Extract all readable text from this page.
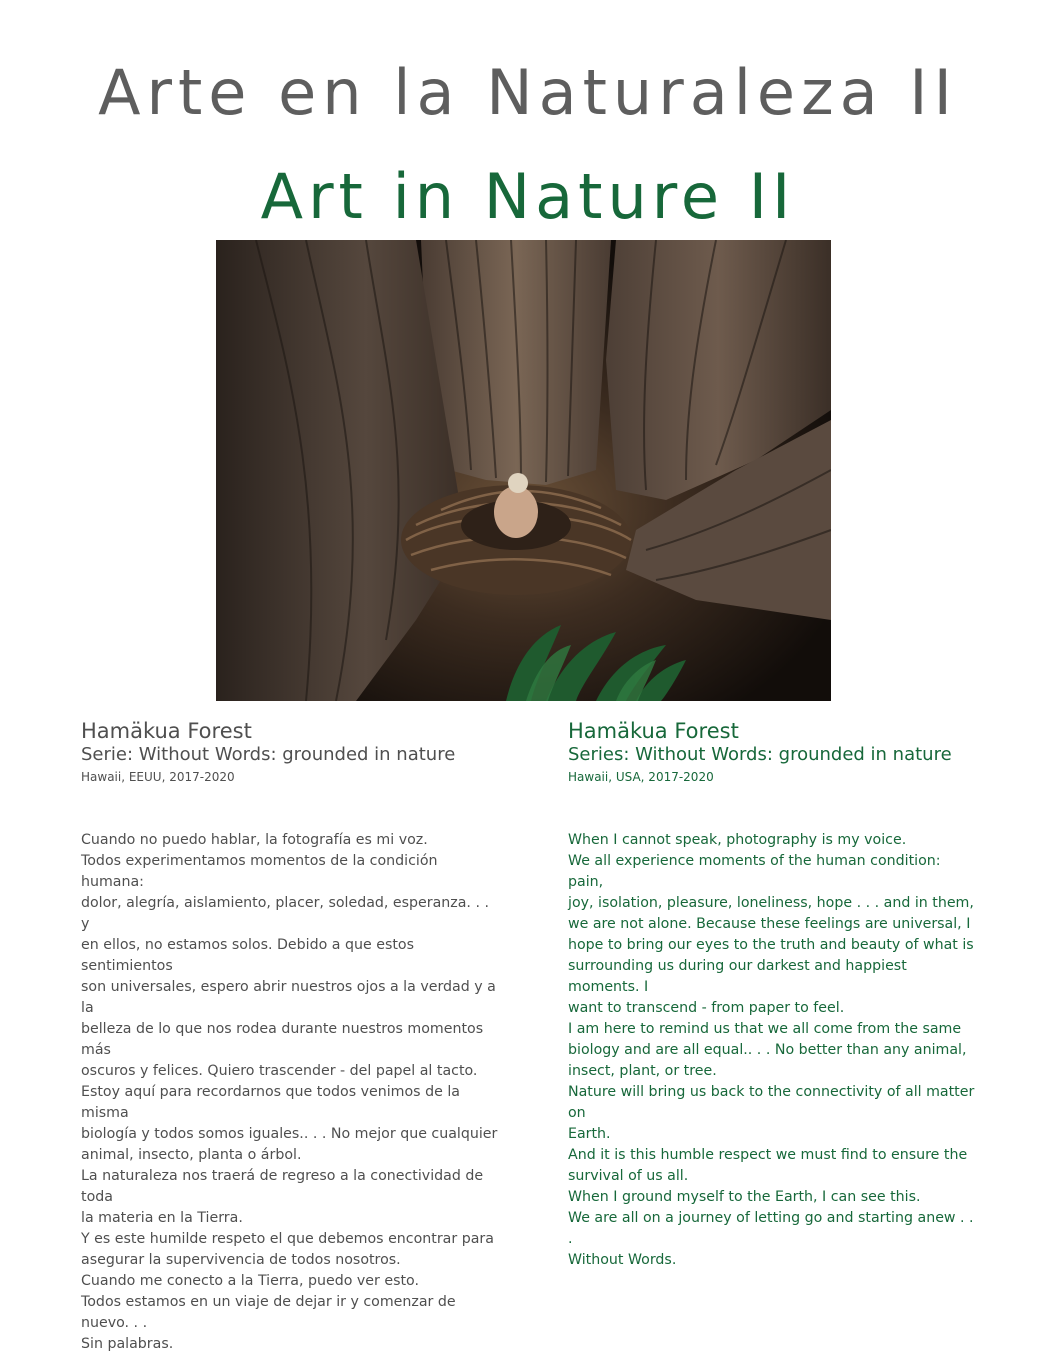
Arte en la Naturaleza II
Art in Nature II

Hamäkua Forest

Serie: Without Words: grounded in nature

Hawaii, EEUU, 2017-2020

Cuando no puedo hablar, la fotografía es mi voz.

Todos experimentamos momentos de la condición humana:

dolor, alegría, aislamiento, placer, soledad, esperanza. . . y

en ellos, no estamos solos. Debido a que estos sentimientos

son universales, espero abrir nuestros ojos a la verdad y a la

belleza de lo que nos rodea durante nuestros momentos más

oscuros y felices. Quiero trascender - del papel al tacto.

Estoy aquí para recordarnos que todos venimos de la misma

biología y todos somos iguales.. . . No mejor que cualquier

animal, insecto, planta o árbol.

La naturaleza nos traerá de regreso a la conectividad de toda

la materia en la Tierra.

Y es este humilde respeto el que debemos encontrar para

asegurar la supervivencia de todos nosotros.

Cuando me conecto a la Tierra, puedo ver esto.

Todos estamos en un viaje de dejar ir y comenzar de nuevo. . .

Sin palabras.

Hamäkua Forest

Series: Without Words: grounded in nature

Hawaii, USA, 2017-2020

When I cannot speak, photography is my voice.

We all experience moments of the human condition: pain,

joy, isolation, pleasure, loneliness, hope . . . and in them,

we are not alone. Because these feelings are universal, I

hope to bring our eyes to the truth and beauty of what is

surrounding us during our darkest and happiest moments. I

want to transcend - from paper to feel.

I am here to remind us that we all come from the same

biology and are all equal.. . . No better than any animal,

insect, plant, or tree.

Nature will bring us back to the connectivity of all matter on

Earth.

And it is this humble respect we must find to ensure the

survival of us all.

When I ground myself to the Earth, I can see this.

We are all on a journey of letting go and starting anew . . .

Without Words.
